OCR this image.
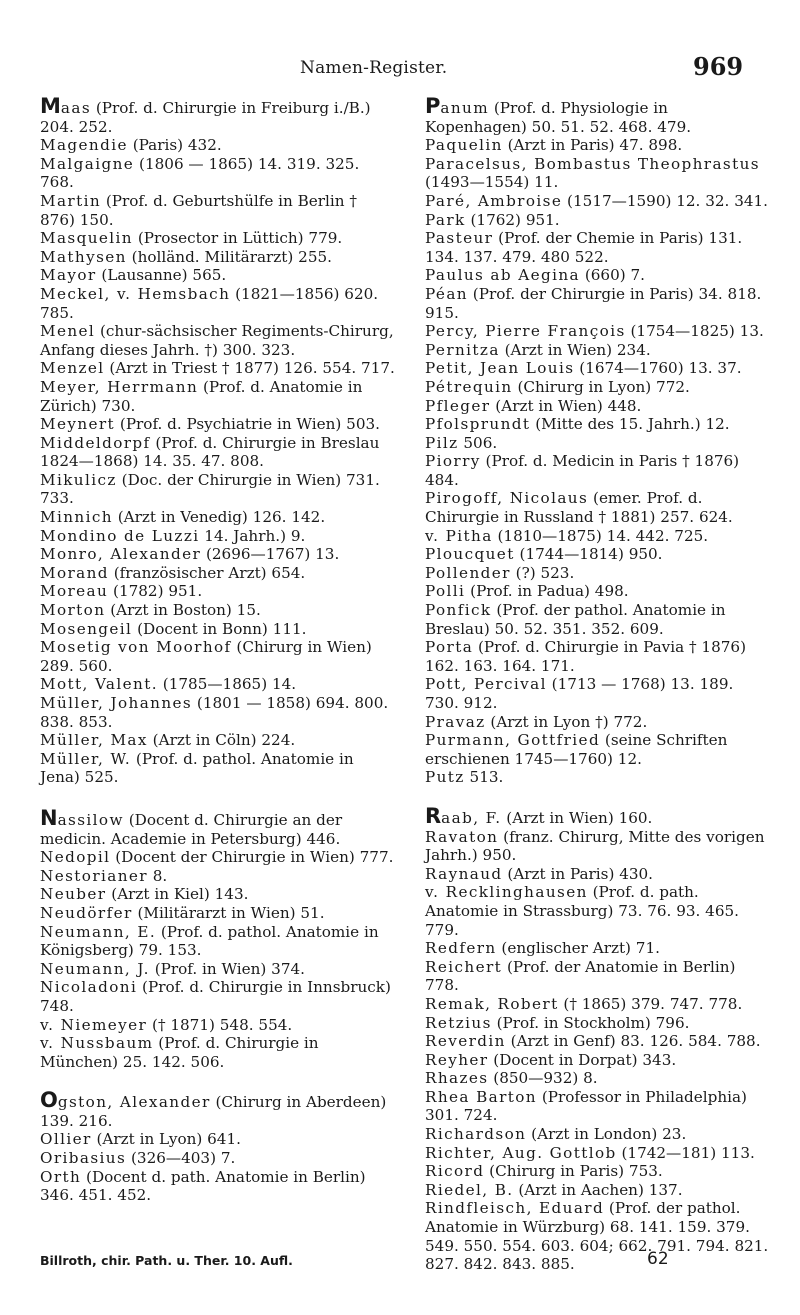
Namen-Register.	969

Maas (Prof. d. Chirurgie in Freiburg i./B.) 204. 252.

Magendie (Paris) 432.

Malgaigne (1806 — 1865) 14. 319. 325. 768.

Martin (Prof. d. Geburtshülfe in Berlin † 876) 150.

Masquelin (Prosector in Lüttich) 779.

Mathysen (holländ. Militärarzt) 255.

Mayor (Lausanne) 565.

Meckel, v. Hemsbach (1821—1856) 620. 785.

Menel (chur-sächsischer Regiments-Chirurg, Anfang dieses Jahrh. †) 300. 323.

Menzel (Arzt in Triest † 1877) 126. 554. 717.

Meyer, Herrmann (Prof. d. Anatomie in Zürich) 730.

Meynert (Prof. d. Psychiatrie in Wien) 503.

Middeldorpf (Prof. d. Chirurgie in Breslau 1824—1868) 14. 35. 47. 808.

Mikulicz (Doc. der Chirurgie in Wien) 731. 733.

Minnich (Arzt in Venedig) 126. 142.

Mondino de Luzzi 14. Jahrh.) 9.

Monro, Alexander (2696—1767) 13.

Morand (französischer Arzt) 654.

Moreau (1782) 951.

Morton (Arzt in Boston) 15.

Mosengeil (Docent in Bonn) 111.

Mosetig von Moorhof (Chirurg in Wien) 289. 560.

Mott, Valent. (1785—1865) 14.

Müller, Johannes (1801 — 1858) 694. 800. 838. 853.

Müller, Max (Arzt in Cöln) 224.

Müller, W. (Prof. d. pathol. Anatomie in Jena) 525.

Nassilow (Docent d. Chirurgie an der medicin. Academie in Petersburg) 446.

Nedopil (Docent der Chirurgie in Wien) 777.

Nestorianer 8.

Neuber (Arzt in Kiel) 143.

Neudörfer (Militärarzt in Wien) 51.

Neumann, E. (Prof. d. pathol. Anatomie in Königsberg) 79. 153.

Neumann, J. (Prof. in Wien) 374.

Nicoladoni (Prof. d. Chirurgie in Innsbruck) 748.

v. Niemeyer († 1871) 548. 554.

v. Nussbaum (Prof. d. Chirurgie in München) 25. 142. 506.

Ogston, Alexander (Chirurg in Aberdeen) 139. 216.

Ollier (Arzt in Lyon) 641.

Oribasius (326—403) 7.

Orth (Docent d. path. Anatomie in Berlin) 346. 451. 452.

Panum (Prof. d. Physiologie in Kopenhagen) 50. 51. 52. 468. 479.

Paquelin (Arzt in Paris) 47. 898.

Paracelsus, Bombastus Theophrastus (1493—1554) 11.

Paré, Ambroise (1517—1590) 12. 32. 341.

Park (1762) 951.

Pasteur (Prof. der Chemie in Paris) 131. 134. 137. 479. 480 522.

Paulus ab Aegina (660) 7.

Péan (Prof. der Chirurgie in Paris) 34. 818. 915.

Percy, Pierre François (1754—1825) 13.

Pernitza (Arzt in Wien) 234.

Petit, Jean Louis (1674—1760) 13. 37.

Pétrequin (Chirurg in Lyon) 772.

Pfleger (Arzt in Wien) 448.

Pfolsprundt (Mitte des 15. Jahrh.) 12.

Pilz 506.

Piorry (Prof. d. Medicin in Paris † 1876) 484.

Pirogoff, Nicolaus (emer. Prof. d. Chirurgie in Russland † 1881) 257. 624.

v. Pitha (1810—1875) 14. 442. 725.

Ploucquet (1744—1814) 950.

Pollender (?) 523.

Polli (Prof. in Padua) 498.

Ponfick (Prof. der pathol. Anatomie in Breslau) 50. 52. 351. 352. 609.

Porta (Prof. d. Chirurgie in Pavia † 1876) 162. 163. 164. 171.

Pott, Percival (1713 — 1768) 13. 189. 730. 912.

Pravaz (Arzt in Lyon †) 772.

Purmann, Gottfried (seine Schriften erschienen 1745—1760) 12.

Putz 513.

Raab, F. (Arzt in Wien) 160.

Ravaton (franz. Chirurg, Mitte des vorigen Jahrh.) 950.

Raynaud (Arzt in Paris) 430.

v. Recklinghausen (Prof. d. path. Anatomie in Strassburg) 73. 76. 93. 465. 779.

Redfern (englischer Arzt) 71.

Reichert (Prof. der Anatomie in Berlin) 778.

Remak, Robert († 1865) 379. 747. 778.

Retzius (Prof. in Stockholm) 796.

Reverdin (Arzt in Genf) 83. 126. 584. 788.

Reyher (Docent in Dorpat) 343.

Rhazes (850—932) 8.

Rhea Barton (Professor in Philadelphia) 301. 724.

Richardson (Arzt in London) 23.

Richter, Aug. Gottlob (1742—181) 113.

Ricord (Chirurg in Paris) 753.

Riedel, B. (Arzt in Aachen) 137.

Rindfleisch, Eduard (Prof. der pathol. Anatomie in Würzburg) 68. 141. 159. 379. 549. 550. 554. 603. 604; 662. 791. 794. 821. 827. 842. 843. 885.

Billroth, chir. Path. u. Ther. 10. Aufl.	62
